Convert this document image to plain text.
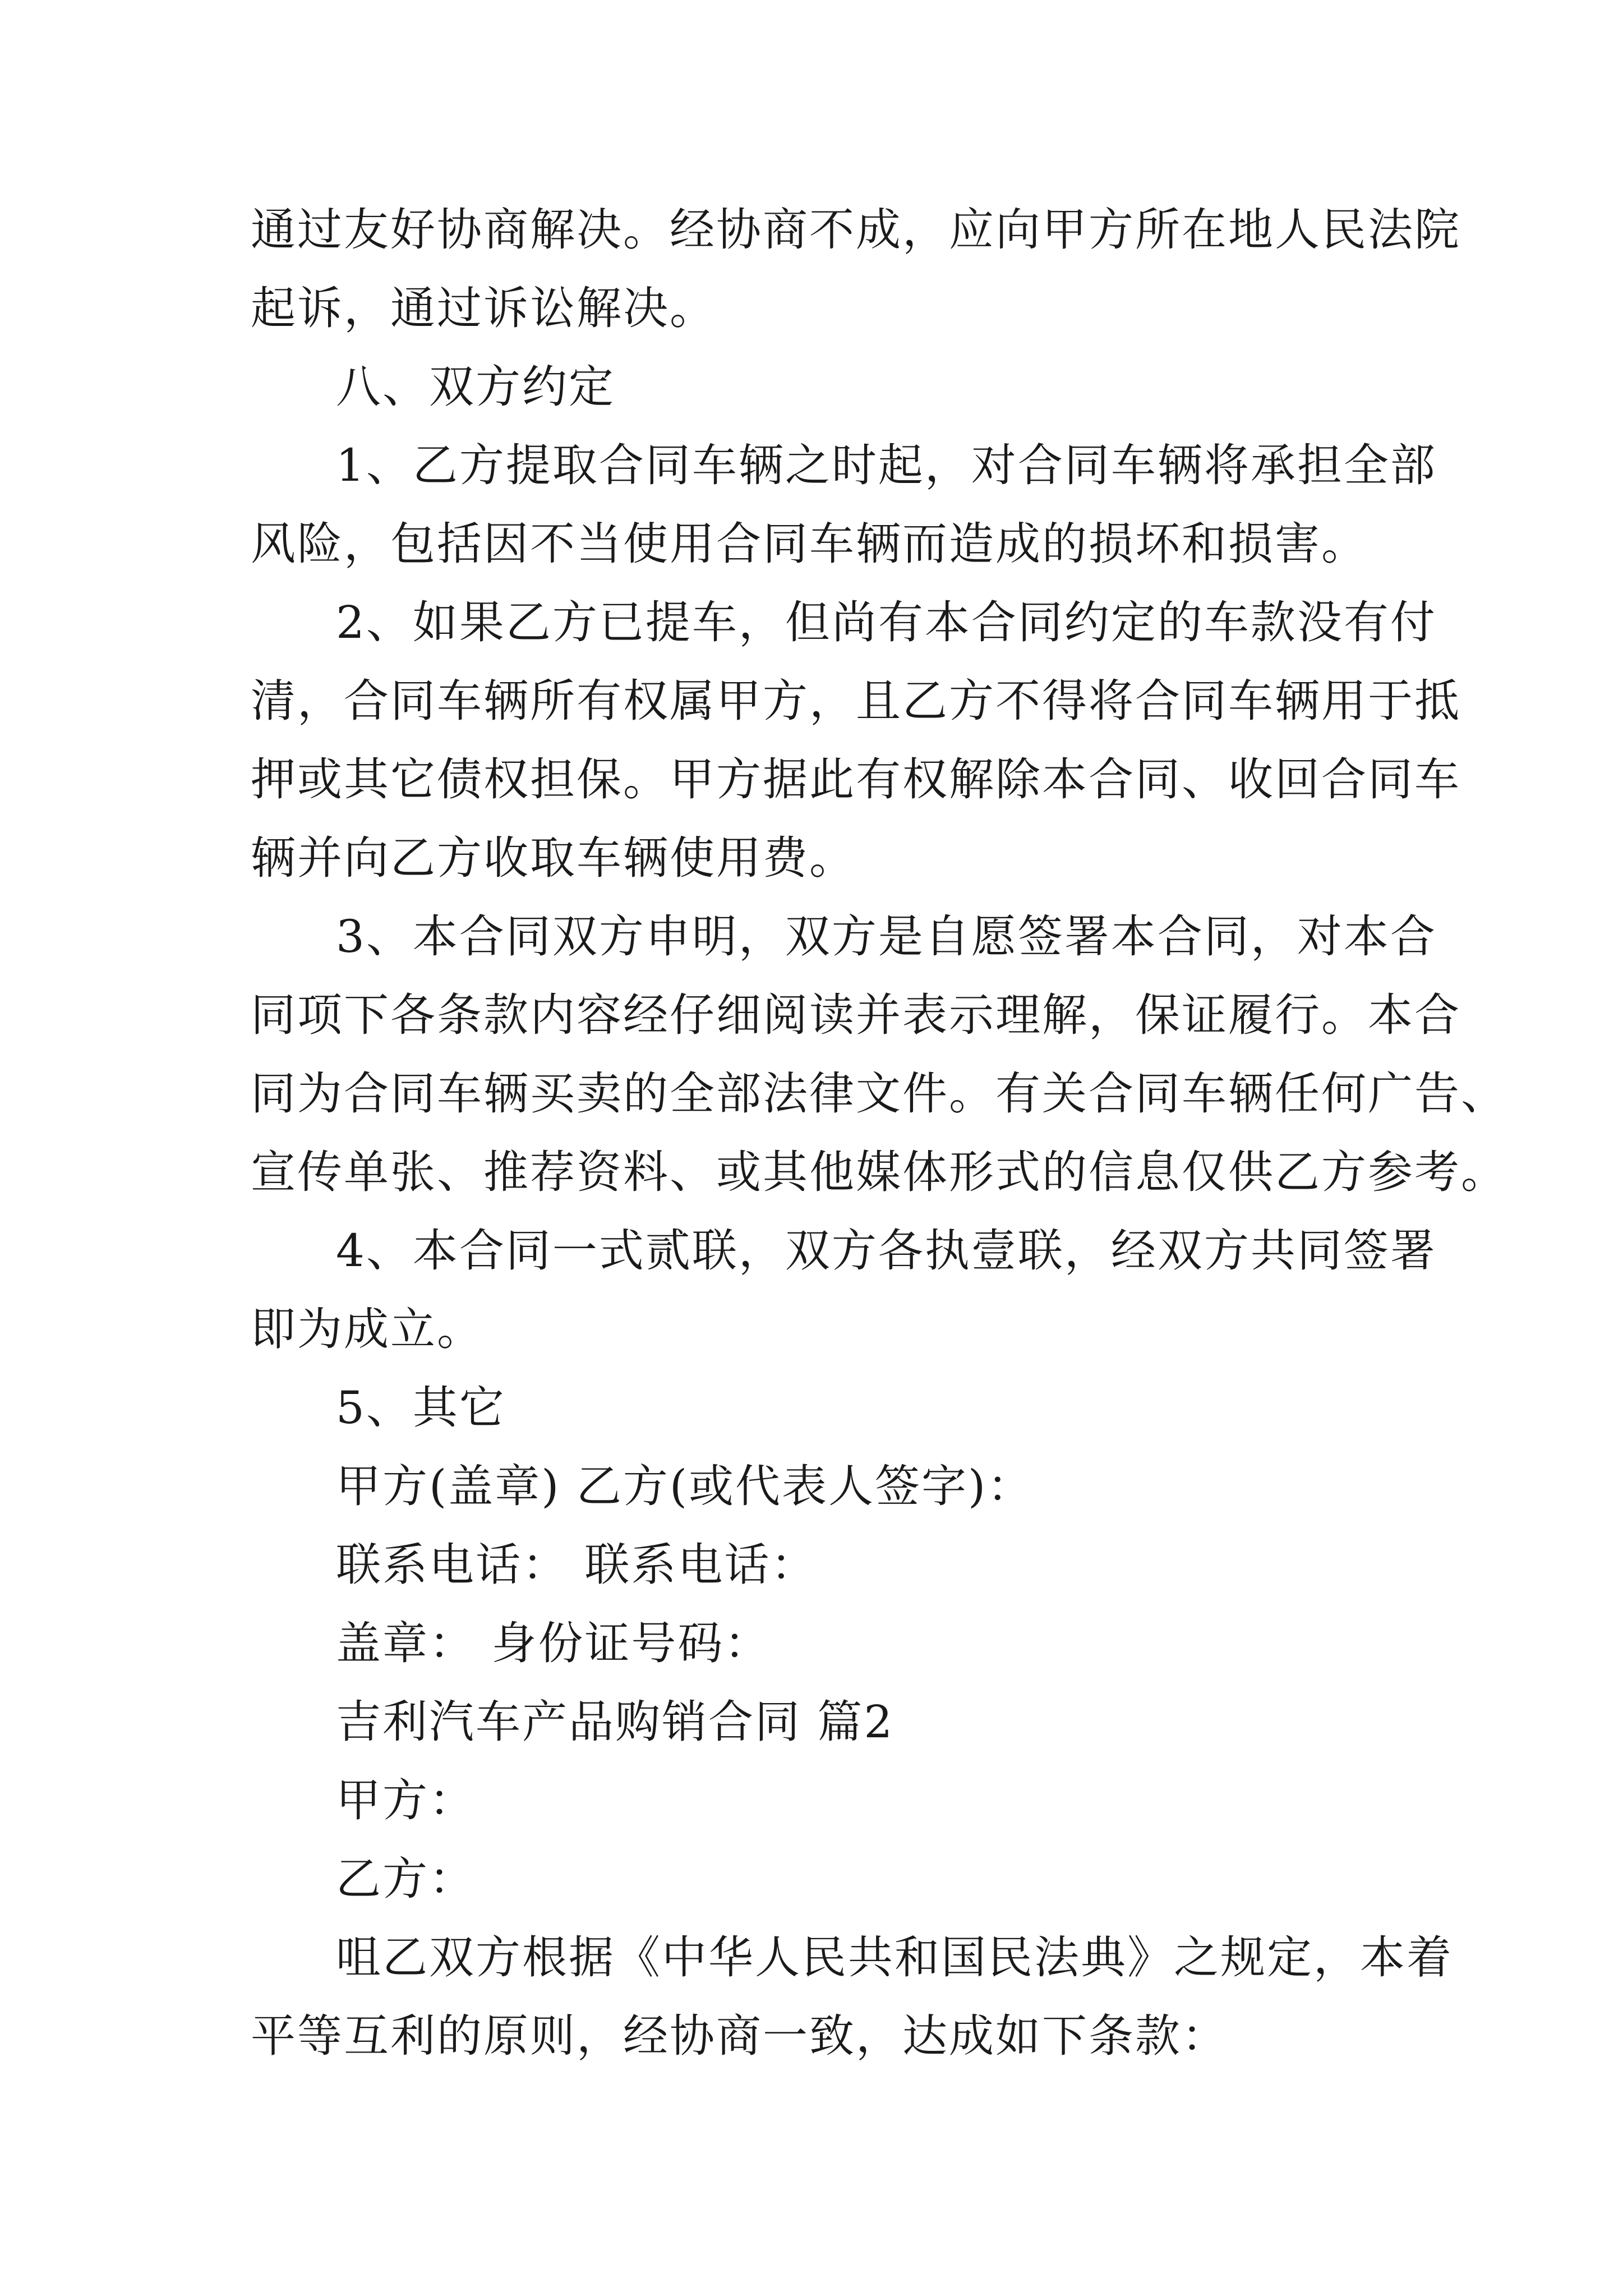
通过友好协商解决。经协商不成，应向甲方所在地人民法院
起诉，通过诉讼解决。
八、双方约定
1、乙方提取合同车辆之时起，对合同车辆将承担全部
风险，包括因不当使用合同车辆而造成的损坏和损害。
2、如果乙方已提车，但尚有本合同约定的车款没有付
清，合同车辆所有权属甲方，且乙方不得将合同车辆用于抵
押或其它债权担保。甲方据此有权解除本合同、收回合同车
辆并向乙方收取车辆使用费。
3、本合同双方申明，双方是自愿签署本合同，对本合
同项下各条款内容经仔细阅读并表示理解，保证履行。本合
同为合同车辆买卖的全部法律文件。有关合同车辆任何广告、
宣传单张、推荐资料、或其他媒体形式的信息仅供乙方参考。
4、本合同一式贰联，双方各执壹联，经双方共同签署
即为成立。
5、其它
甲方(盖章) 乙方(或代表人签字)：
联系电话： 联系电话：
盖章： 身份证号码：
吉利汽车产品购销合同 篇2
甲方：
乙方：
咀乙双方根据《中华人民共和国民法典》之规定，本着
平等互利的原则，经协商一致，达成如下条款：
